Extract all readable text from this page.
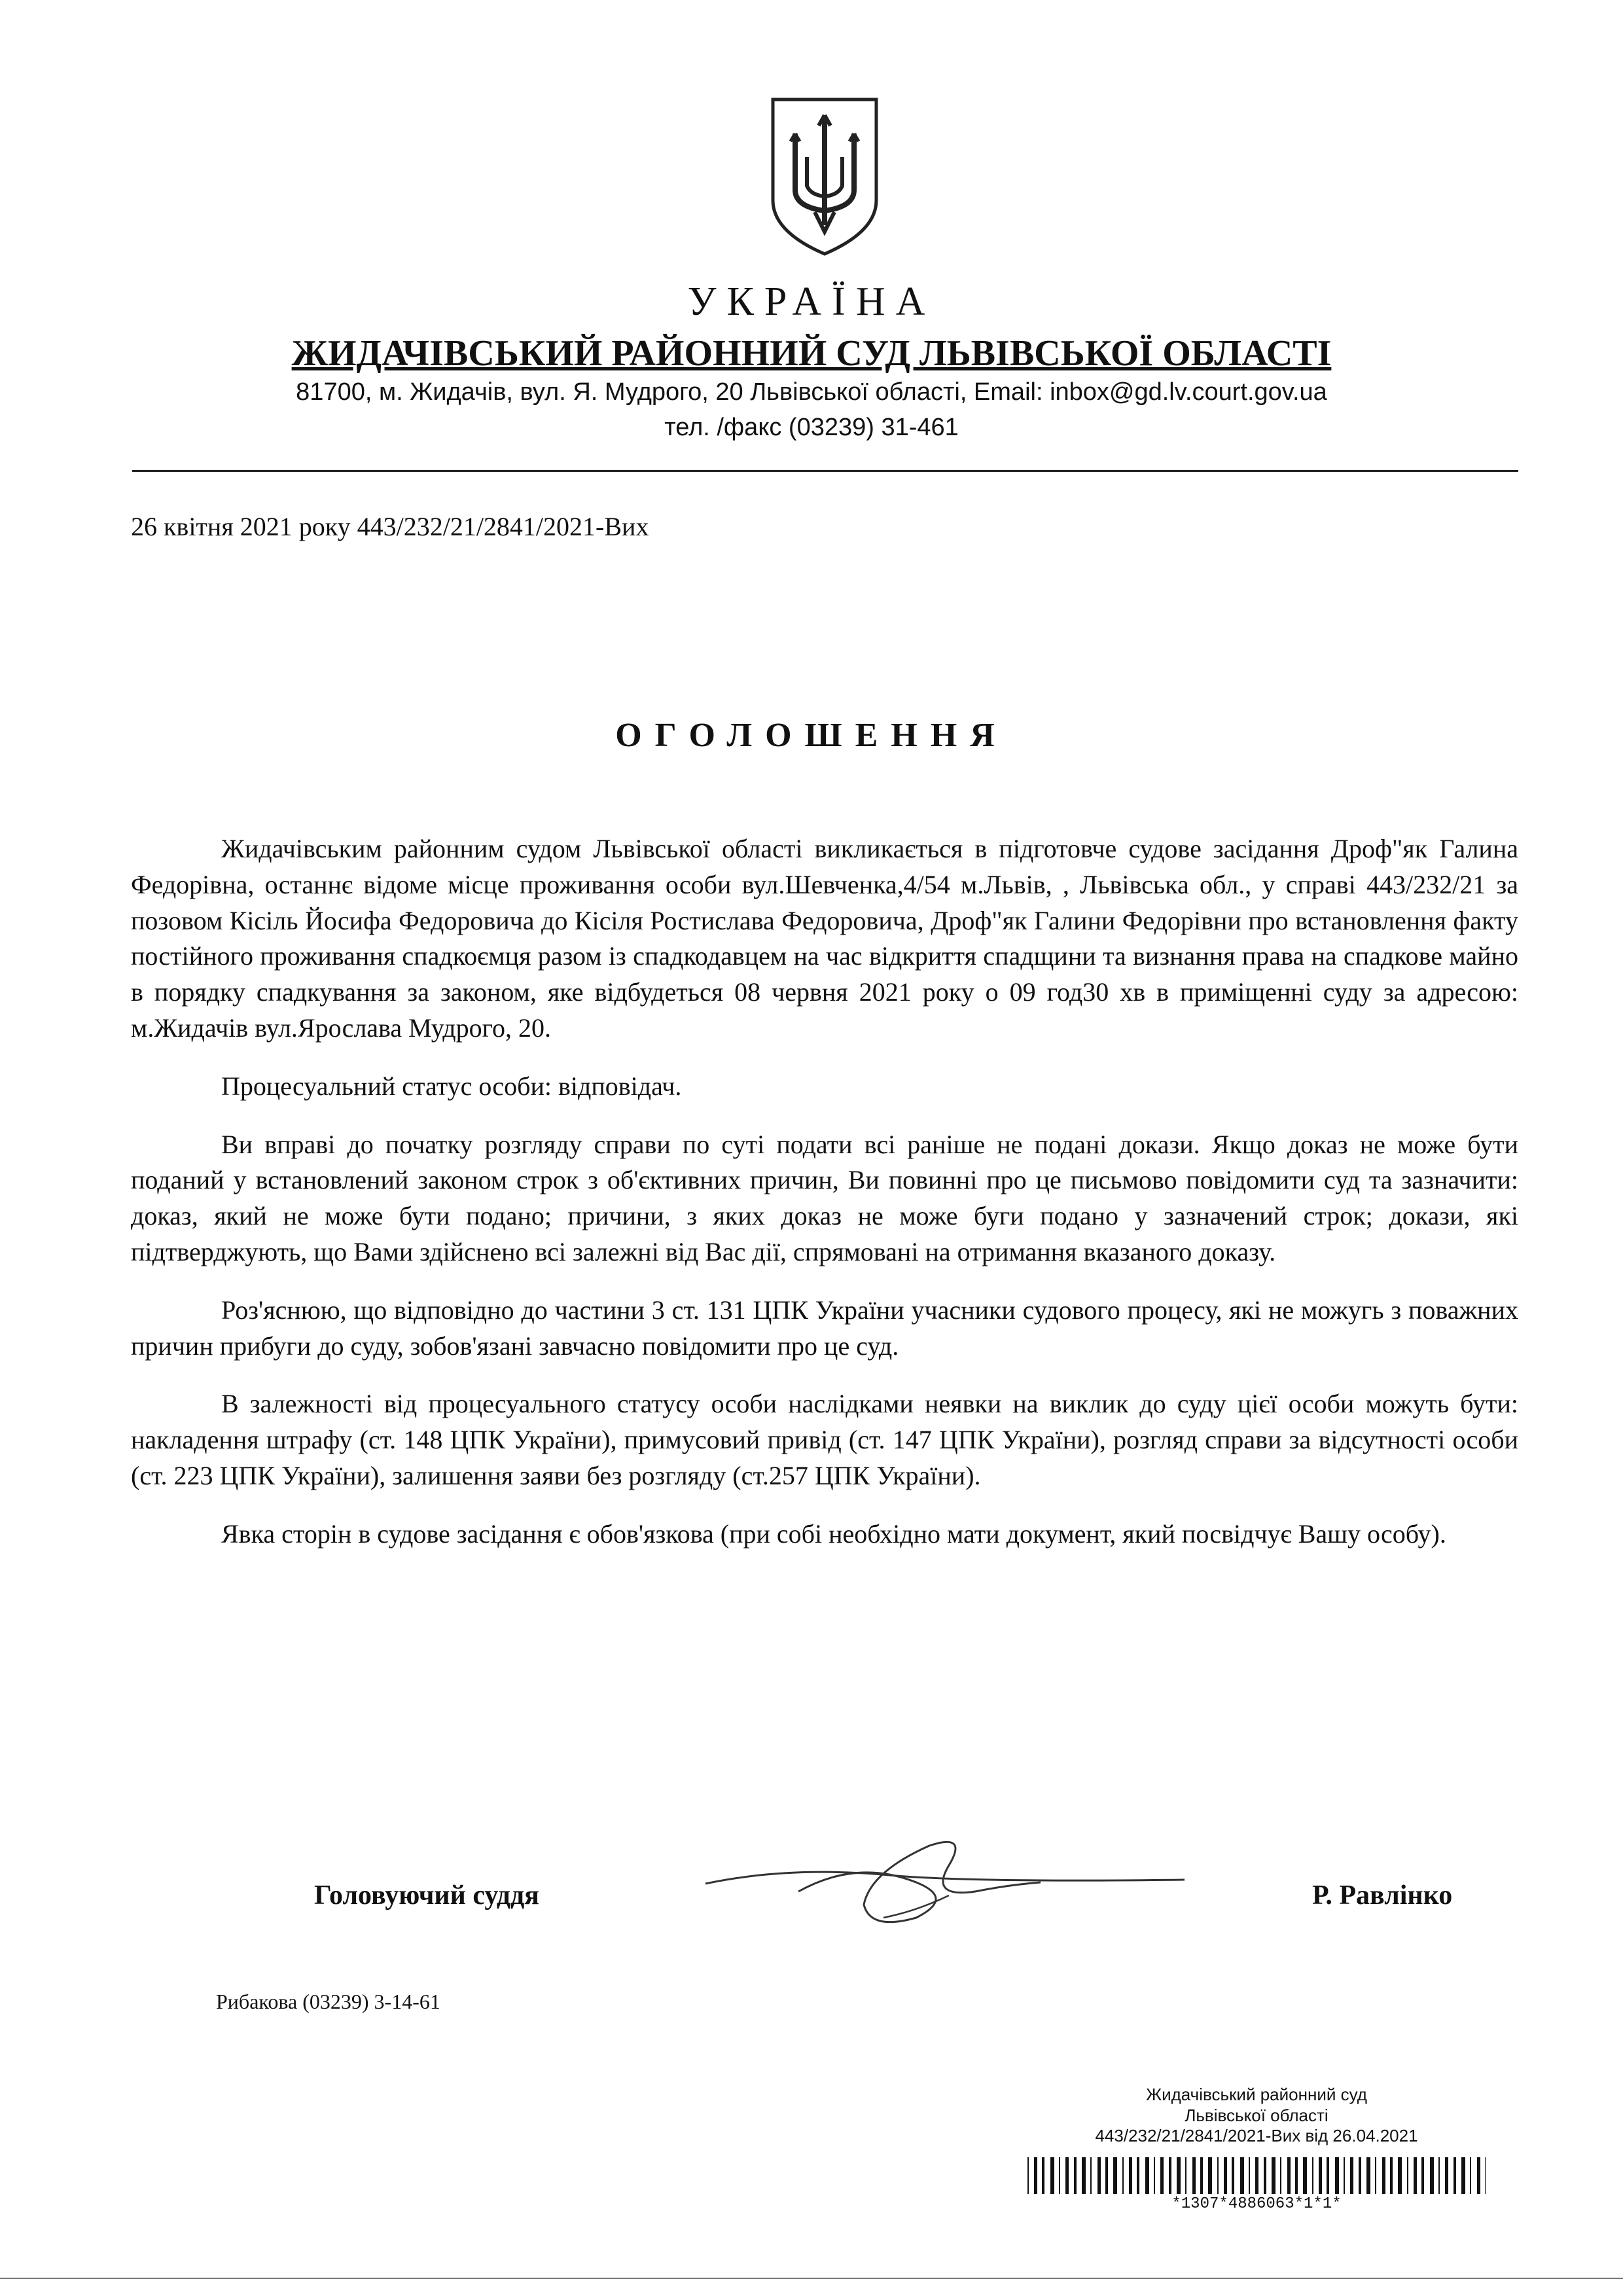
УКРАЇНА
ЖИДАЧІВСЬКИЙ РАЙОННИЙ СУД ЛЬВІВСЬКОЇ ОБЛАСТІ
81700, м. Жидачів, вул. Я. Мудрого, 20 Львівської області, Email: inbox@gd.lv.court.gov.ua
тел. /факс (03239) 31-461
26 квітня 2021 року 443/232/21/2841/2021-Вих
ОГОЛОШЕННЯ

Жидачівським районним судом Львівської області викликається в підготовче судове засідання Дроф"як Галина Федорівна, останнє відоме місце проживання особи вул.Шевченка,4/54 м.Львів, , Львівська обл., у справі 443/232/21 за позовом Кісіль Йосифа Федоровича до Кісіля Ростислава Федоровича, Дроф"як Галини Федорівни про встановлення факту постійного проживання спадкоємця разом із спадкодавцем на час відкриття спадщини та визнання права на спадкове майно в порядку спадкування за законом, яке відбудеться 08 червня 2021 року о 09 год30 хв в приміщенні суду за адресою: м.Жидачів вул.Ярослава Мудрого, 20.

Процесуальний статус особи: відповідач.

Ви вправі до початку розгляду справи по суті подати всі раніше не подані докази. Якщо доказ не може бути поданий у встановлений законом строк з об'єктивних причин, Ви повинні про це письмово повідомити суд та зазначити: доказ, який не може бути подано; причини, з яких доказ не може буги подано у зазначений строк; докази, які підтверджують, що Вами здійснено всі залежні від Вас дії, спрямовані на отримання вказаного доказу.

Роз'яснюю, що відповідно до частини 3 ст. 131 ЦПК України учасники судового процесу, які не можугь з поважних причин прибуги до суду, зобов'язані завчасно повідомити про це суд.

В залежності від процесуального статусу особи наслідками неявки на виклик до суду цієї особи можуть бути: накладення штрафу (ст. 148 ЦПК України), примусовий привід (ст. 147 ЦПК України), розгляд справи за відсутності особи (ст. 223 ЦПК України), залишення заяви без розгляду (ст.257 ЦПК України).

Явка сторін в судове засідання є обов'язкова (при собі необхідно мати документ, який посвідчує Вашу особу).

Головуючий суддя	Р. Равлінко
Рибакова (03239) 3-14-61
Жидачівський районний суд
Львівської області
443/232/21/2841/2021-Вих від 26.04.2021
*1307*4886063*1*1*
